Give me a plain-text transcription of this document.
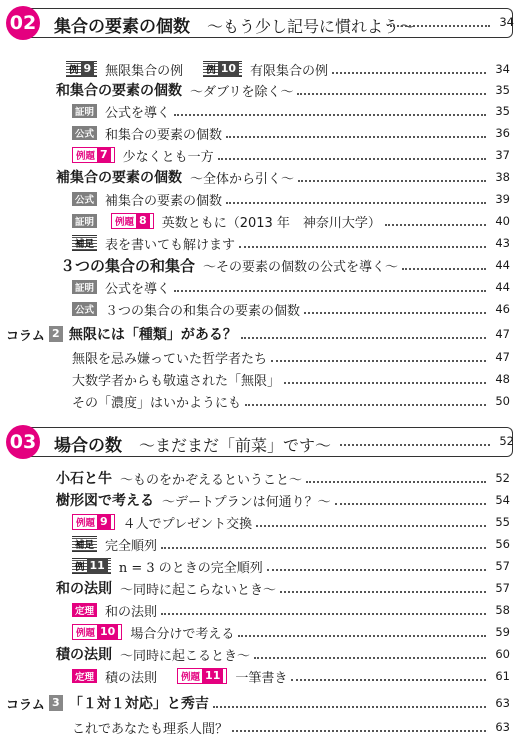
02 集合の要素の個数　 〜もう少し記号に慣れよう〜	34
例 9 無限集合の例 例 10 有限集合の例	34
和集合の要素の個数 〜ダブリを除く〜	35
証明 公式を導く	35
公式 和集合の要素の個数	36
例題 7 少なくとも一方	37
補集合の要素の個数 〜全体から引く〜	38
公式 補集合の要素の個数	39
証明	例題 8 英数ともに（2013 年　神奈川大学）	40
補足 表を書いても解けます	43
３つの集合の和集合 〜その要素の個数の公式を導く〜	44
証明 公式を導く	44
公式 ３つの集合の和集合の要素の個数	46
コラム 2 無限には「種類」がある？	47
無限を忌み嫌っていた哲学者たち	47
大数学者からも敬遠された「無限」	48
その「濃度」はいかようにも	50
03 場合の数　 〜まだまだ「前菜」です〜	52
小石と牛 〜ものをかぞえるということ〜	52
樹形図で考える 〜デートプランは何通り？〜	54
例題 9 ４人でプレゼント交換	55
補足 完全順列	56
例 11 n = 3 のときの完全順列	57
和の法則 〜同時に起こらないとき〜	57
定理 和の法則	58
例題 10 場合分けで考える	59
積の法則 〜同時に起こるとき〜	60
定理 積の法則	例題 11 一筆書き	61
コラム 3 「１対１対応」と秀吉	63
これであなたも理系人間？	63
